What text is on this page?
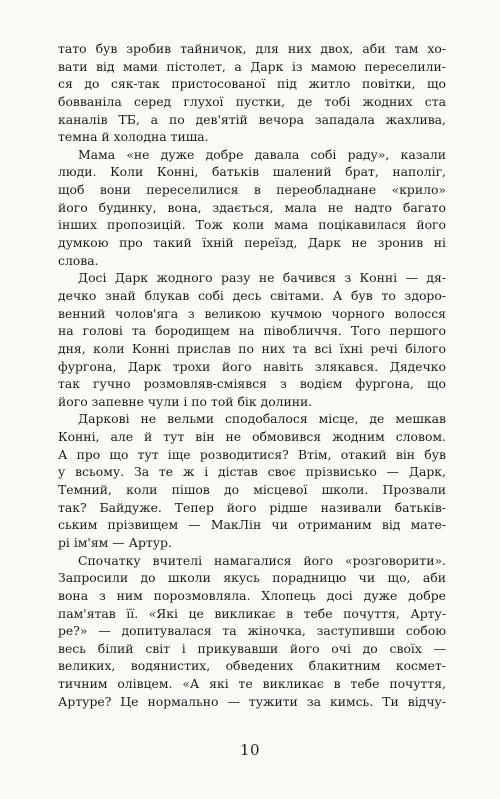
тато був зробив тайничок, для них двох, аби там хо-
вати від мами пістолет, а Дарк із мамою переселили-
ся до сяк-так пристосованої під житло повітки, що
бовваніла серед глухої пустки, де тобі жодних ста
каналів ТБ, а по дев'ятій вечора западала жахлива,
темна й холодна тиша.
Мама «не дуже добре давала собі раду», казали
люди. Коли Конні, батьків шалений брат, наполіг,
щоб вони переселилися в переобладнане «крило»
його будинку, вона, здається, мала не надто багато
інших пропозицій. Тож коли мама поцікавилася його
думкою про такий їхній переїзд, Дарк не зронив ні
слова.
Досі Дарк жодного разу не бачився з Конні — дя-
дечко знай блукав собі десь світами. А був то здоро-
венний чолов'яга з великою кучмою чорного волосся
на голові та бородищем на півобличчя. Того першого
дня, коли Конні прислав по них та всі їхні речі білого
фургона, Дарк трохи його навіть злякався. Дядечко
так гучно розмовляв-сміявся з водієм фургона, що
його запевне чули і по той бік долини.
Даркові не вельми сподобалося місце, де мешкав
Конні, але й тут він не обмовився жодним словом.
А про що тут іще розводитися? Втім, отакий він був
у всьому. За те ж і дістав своє прізвисько — Дарк,
Темний, коли пішов до місцевої школи. Прозвали
так? Байдуже. Тепер його рідше називали батьків-
ським прізвищем — МакЛін чи отриманим від мате-
рі ім'ям — Артур.
Спочатку вчителі намагалися його «розговорити».
Запросили до школи якусь порадницю чи що, аби
вона з ним порозмовляла. Хлопець досі дуже добре
пам'ятав її. «Які це викликає в тебе почуття, Арту-
ре?» — допитувалася та жіночка, заступивши собою
весь білий світ і прикувавши його очі до своїх —
великих, водянистих, обведених блакитним космет-
тичним олівцем. «А які те викликає в тебе почуття,
Артуре? Це нормально — тужити за кимсь. Ти відчу-
10
